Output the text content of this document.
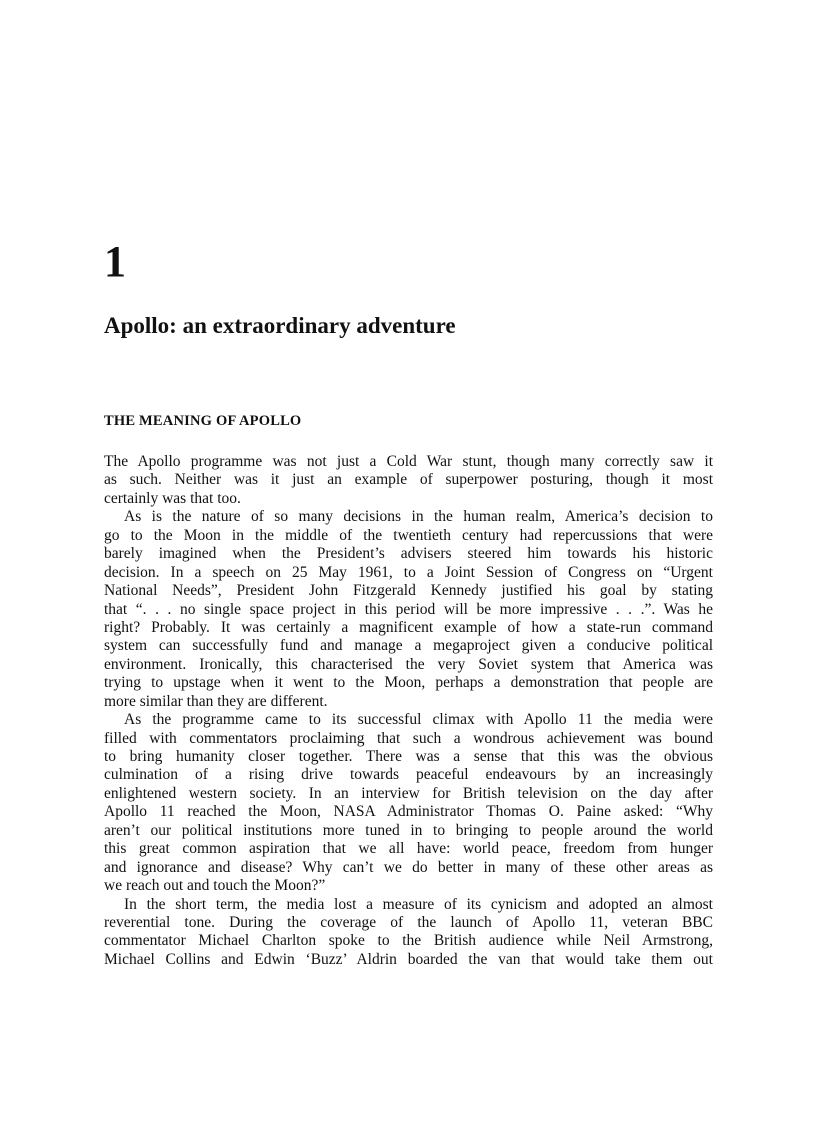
1
Apollo: an extraordinary adventure
THE MEANING OF APOLLO
The Apollo programme was not just a Cold War stunt, though many correctly saw it
as such. Neither was it just an example of superpower posturing, though it most
certainly was that too.
As is the nature of so many decisions in the human realm, America’s decision to
go to the Moon in the middle of the twentieth century had repercussions that were
barely imagined when the President’s advisers steered him towards his historic
decision. In a speech on 25 May 1961, to a Joint Session of Congress on “Urgent
National Needs”, President John Fitzgerald Kennedy justified his goal by stating
that “. . . no single space project in this period will be more impressive . . .”. Was he
right? Probably. It was certainly a magnificent example of how a state-run command
system can successfully fund and manage a megaproject given a conducive political
environment. Ironically, this characterised the very Soviet system that America was
trying to upstage when it went to the Moon, perhaps a demonstration that people are
more similar than they are different.
As the programme came to its successful climax with Apollo 11 the media were
filled with commentators proclaiming that such a wondrous achievement was bound
to bring humanity closer together. There was a sense that this was the obvious
culmination of a rising drive towards peaceful endeavours by an increasingly
enlightened western society. In an interview for British television on the day after
Apollo 11 reached the Moon, NASA Administrator Thomas O. Paine asked: “Why
aren’t our political institutions more tuned in to bringing to people around the world
this great common aspiration that we all have: world peace, freedom from hunger
and ignorance and disease? Why can’t we do better in many of these other areas as
we reach out and touch the Moon?”
In the short term, the media lost a measure of its cynicism and adopted an almost
reverential tone. During the coverage of the launch of Apollo 11, veteran BBC
commentator Michael Charlton spoke to the British audience while Neil Armstrong,
Michael Collins and Edwin ‘Buzz’ Aldrin boarded the van that would take them out
